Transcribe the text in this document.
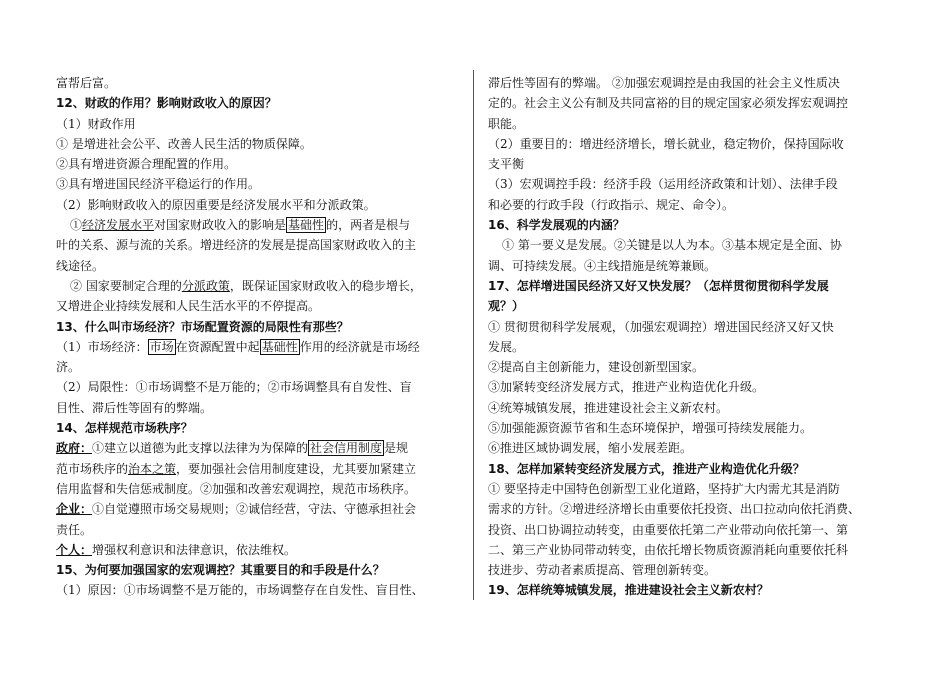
富帮后富。
12、财政的作用？影响财政收入的原因？
（1）财政作用
① 是增进社会公平、改善人民生活的物质保障。
②具有增进资源合理配置的作用。
③具有增进国民经济平稳运行的作用。
（2）影响财政收入的原因重要是经济发展水平和分派政策。
①经济发展水平对国家财政收入的影响是 基础性 的，两者是根与
叶的关系、源与流的关系。增进经济的发展是提高国家财政收入的主
线途径。
② 国家要制定合理的分派政策，既保证国家财政收入的稳步增长，
又增进企业持续发展和人民生活水平的不停提高。
13、什么叫市场经济？市场配置资源的局限性有那些？
（1）市场经济： 市场 在资源配置中起 基础性 作用的经济就是市场经
济。
（2）局限性：①市场调整不是万能的；②市场调整具有自发性、盲
目性、滞后性等固有的弊端。
14、怎样规范市场秩序？
政府：①建立以道德为此支撑以法律为为保障的 社会信用制度 是规
范市场秩序的治本之策，要加强社会信用制度建设，尤其要加紧建立
信用监督和失信惩戒制度。②加强和改善宏观调控，规范市场秩序。
企业：①自觉遵照市场交易规则；②诚信经营，守法、守德承担社会
责任。
个人：增强权利意识和法律意识，依法维权。
15、为何要加强国家的宏观调控？其重要目的和手段是什么？
（1）原因：①市场调整不是万能的，市场调整存在自发性、盲目性、
滞后性等固有的弊端。 ②加强宏观调控是由我国的社会主义性质决
定的。社会主义公有制及共同富裕的目的规定国家必须发挥宏观调控
职能。
（2）重要目的：增进经济增长，增长就业，稳定物价，保持国际收
支平衡
（3）宏观调控手段：经济手段（运用经济政策和计划）、法律手段
和必要的行政手段（行政指示、规定、命令）。
16、科学发展观的内涵？
① 第一要义是发展。②关键是以人为本。③基本规定是全面、协
调、可持续发展。④主线措施是统筹兼顾。
17、怎样增进国民经济又好又快发展？（怎样贯彻贯彻科学发展
观？）
① 贯彻贯彻科学发展观，（加强宏观调控）增进国民经济又好又快
发展。
②提高自主创新能力，建设创新型国家。
③加紧转变经济发展方式，推进产业构造优化升级。
④统筹城镇发展，推进建设社会主义新农村。
⑤加强能源资源节省和生态环境保护，增强可持续发展能力。
⑥推进区域协调发展，缩小发展差距。
18、怎样加紧转变经济发展方式，推进产业构造优化升级？
① 要坚持走中国特色创新型工业化道路，坚持扩大内需尤其是消防
需求的方针。②增进经济增长由重要依托投资、出口拉动向依托消费、
投资、出口协调拉动转变，由重要依托第二产业带动向依托第一、第
二、第三产业协同带动转变，由依托增长物质资源消耗向重要依托科
技进步、劳动者素质提高、管理创新转变。
19、怎样统筹城镇发展，推进建设社会主义新农村？
